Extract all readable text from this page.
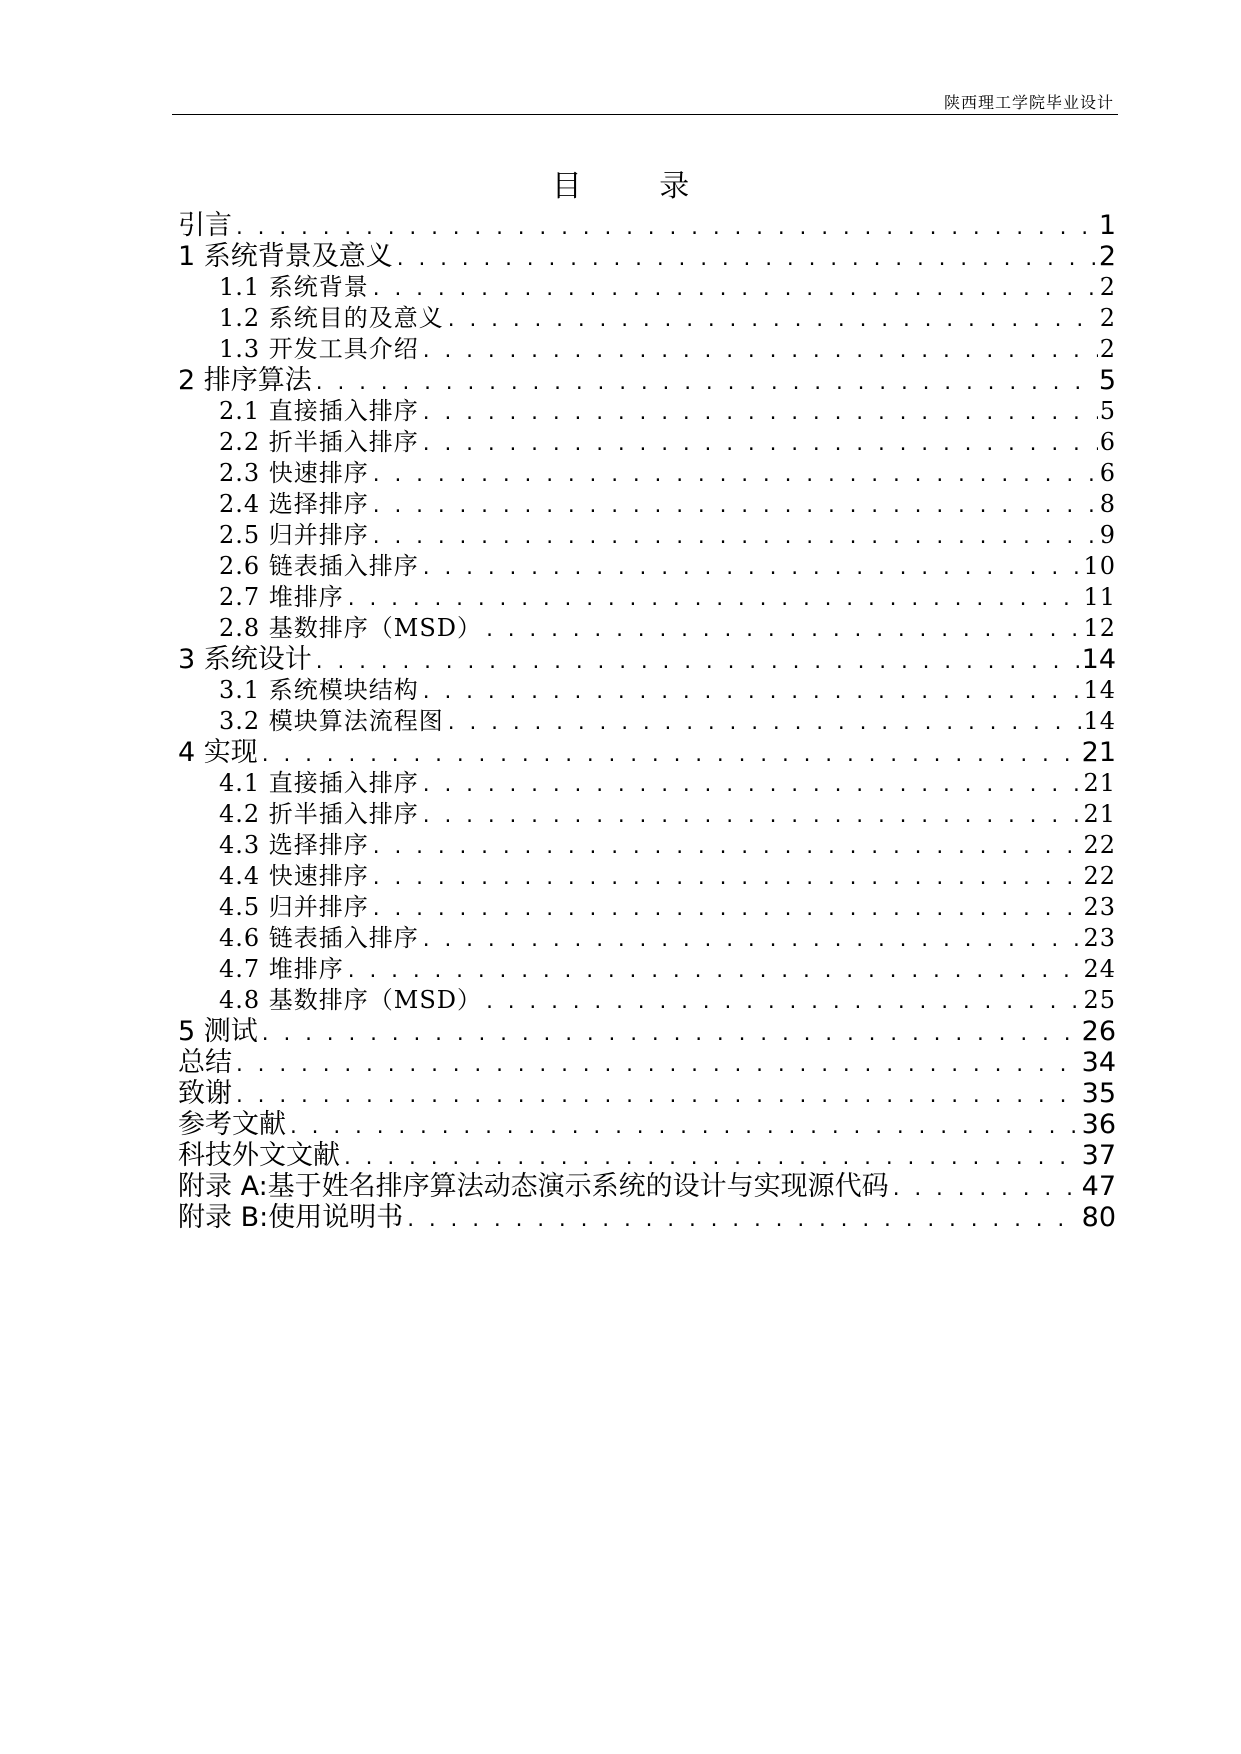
陕西理工学院毕业设计
目 录
引言 . . .	1
1 系统背景及意义 . . .	2
1.1 系统背景 . . .	2
1.2 系统目的及意义 . . .	2
1.3 开发工具介绍 . . .	2
2 排序算法 . . .	5
2.1 直接插入排序 . . .	5
2.2 折半插入排序 . . .	6
2.3 快速排序 . . .	6
2.4 选择排序 . . .	8
2.5 归并排序 . . .	9
2.6 链表插入排序 . . .	10
2.7 堆排序 . . .	11
2.8 基数排序（MSD） . . .	12
3 系统设计 . . .	14
3.1 系统模块结构 . . .	14
3.2 模块算法流程图 . . .	14
4 实现 . . .	21
4.1 直接插入排序 . . .	21
4.2 折半插入排序 . . .	21
4.3 选择排序 . . .	22
4.4 快速排序 . . .	22
4.5 归并排序 . . .	23
4.6 链表插入排序 . . .	23
4.7 堆排序 . . .	24
4.8 基数排序（MSD） . . .	25
5 测试 . . .	26
总结 . . .	34
致谢 . . .	35
参考文献 . . .	36
科技外文文献 . . .	37
附录 A:基于姓名排序算法动态演示系统的设计与实现源代码 . . .	47
附录 B:使用说明书 . . .	80
